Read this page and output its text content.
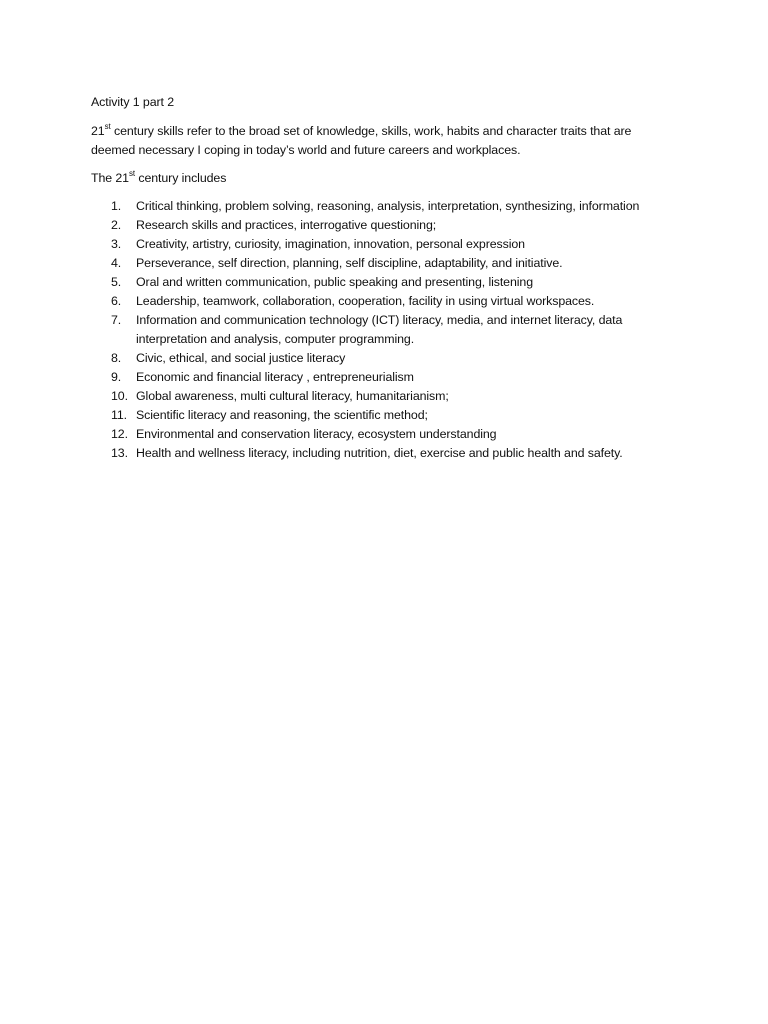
Activity 1 part 2
21st century skills refer to the broad set of knowledge, skills, work, habits and character traits that are
deemed necessary I coping in today’s world and future careers and workplaces.
The 21st century includes
1. Critical thinking, problem solving, reasoning, analysis, interpretation, synthesizing, information
2. Research skills and practices, interrogative questioning;
3. Creativity, artistry, curiosity, imagination, innovation, personal expression
4. Perseverance, self direction, planning, self discipline, adaptability, and initiative.
5. Oral and written communication, public speaking and presenting, listening
6. Leadership, teamwork, collaboration, cooperation, facility in using virtual workspaces.
7. Information and communication technology (ICT) literacy, media, and internet literacy, data interpretation and analysis, computer programming.
8. Civic, ethical, and social justice literacy
9. Economic and financial literacy , entrepreneurialism
10. Global awareness, multi cultural literacy, humanitarianism;
11. Scientific literacy and reasoning, the scientific method;
12. Environmental and conservation literacy, ecosystem understanding
13. Health and wellness literacy, including nutrition, diet, exercise and public health and safety.
